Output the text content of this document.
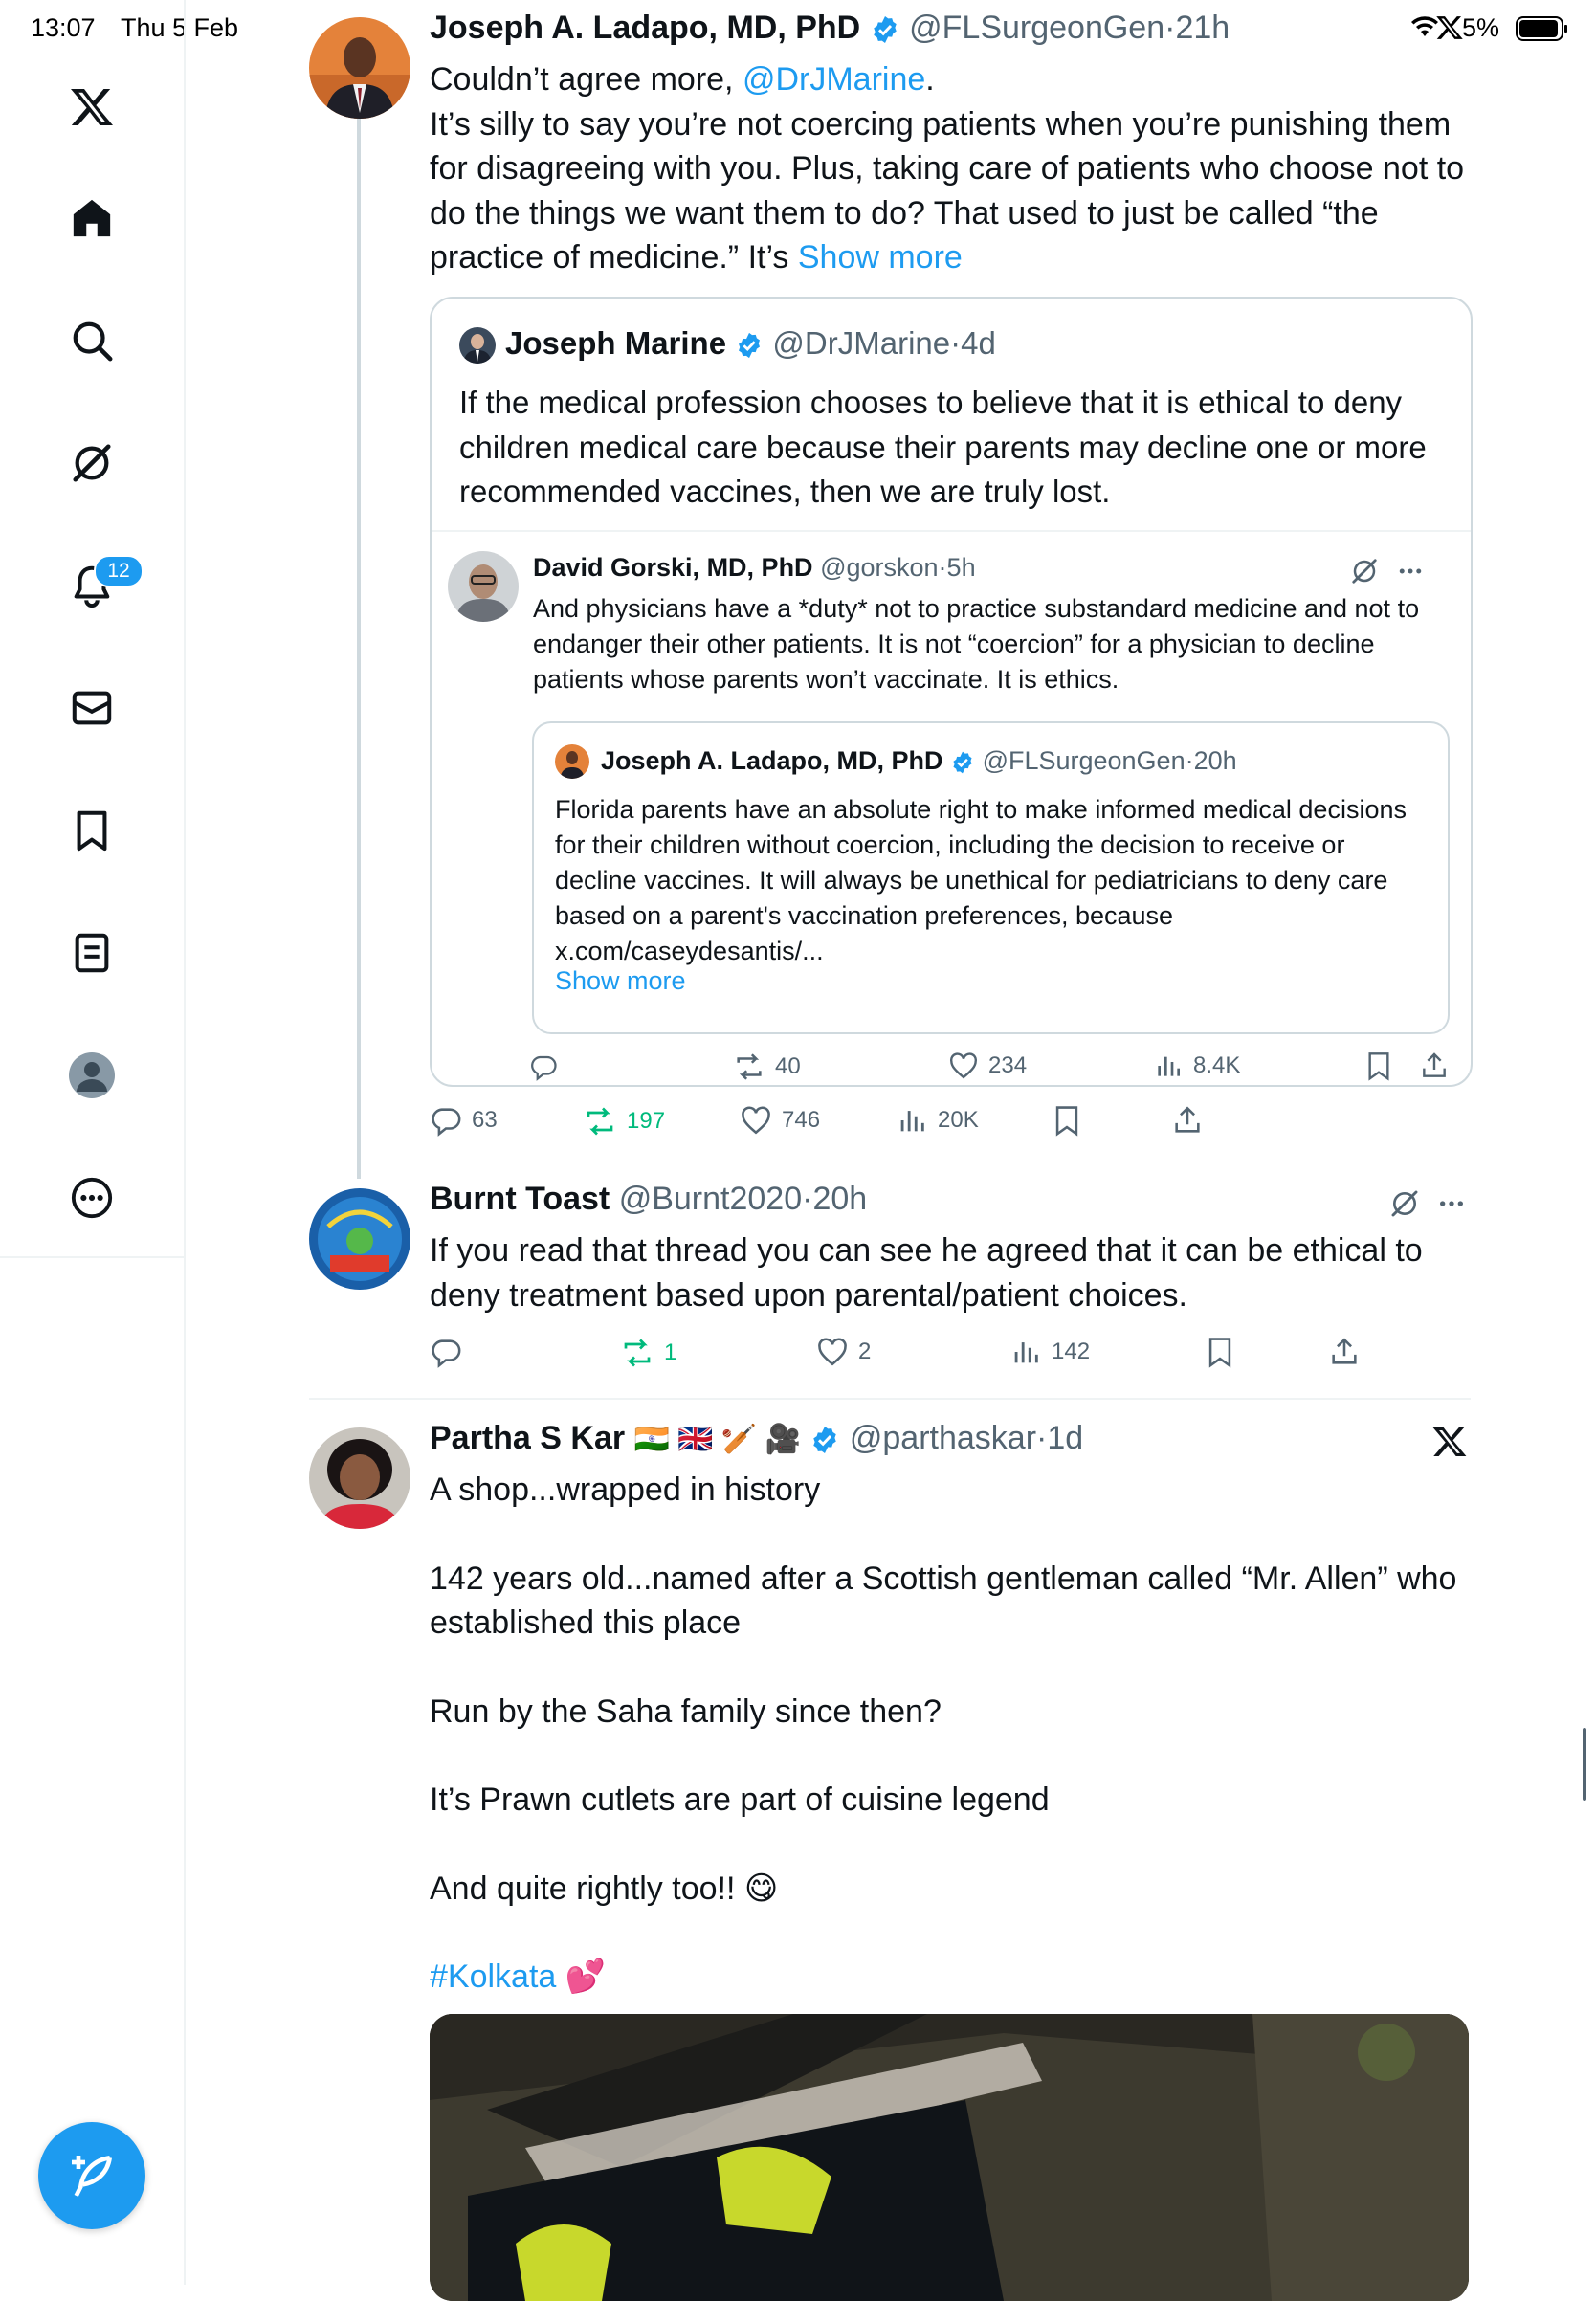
13:07 Thu 5 Feb	5%
12
Joseph A. Ladapo, MD, PhD @FLSurgeonGen·21h
Couldn’t agree more, @DrJMarine.
It’s silly to say you’re not coercing patients when you’re punishing them for disagreeing with you. Plus, taking care of patients who choose not to do the things we want them to do? That used to just be called “the practice of medicine.” It’s Show more
Joseph Marine @DrJMarine·4d
If the medical profession chooses to believe that it is ethical to deny children medical care because their parents may decline one or more recommended vaccines, then we are truly lost.
David Gorski, MD, PhD @gorskon·5h
And physicians have a *duty* not to practice substandard medicine and not to endanger their other patients. It is not “coercion” for a physician to decline patients whose parents won’t vaccinate. It is ethics.
Joseph A. Ladapo, MD, PhD @FLSurgeonGen·20h
Florida parents have an absolute right to make informed medical decisions for their children without coercion, including the decision to receive or decline vaccines. It will always be unethical for pediatricians to deny care based on a parent's vaccination preferences, because x.com/caseydesantis/...
Show more
40	234	8.4K
63	197	746	20K
Burnt Toast @Burnt2020·20h
If you read that thread you can see he agreed that it can be ethical to deny treatment based upon parental/patient choices.
1	2	142
Partha S Kar 🇮🇳 🇬🇧 🏏 🎥 @parthaskar·1d
A shop...wrapped in history
142 years old...named after a Scottish gentleman called “Mr. Allen” who established this place
Run by the Saha family since then?
It’s Prawn cutlets are part of cuisine legend
And quite rightly too!! 😋
#Kolkata 💕
